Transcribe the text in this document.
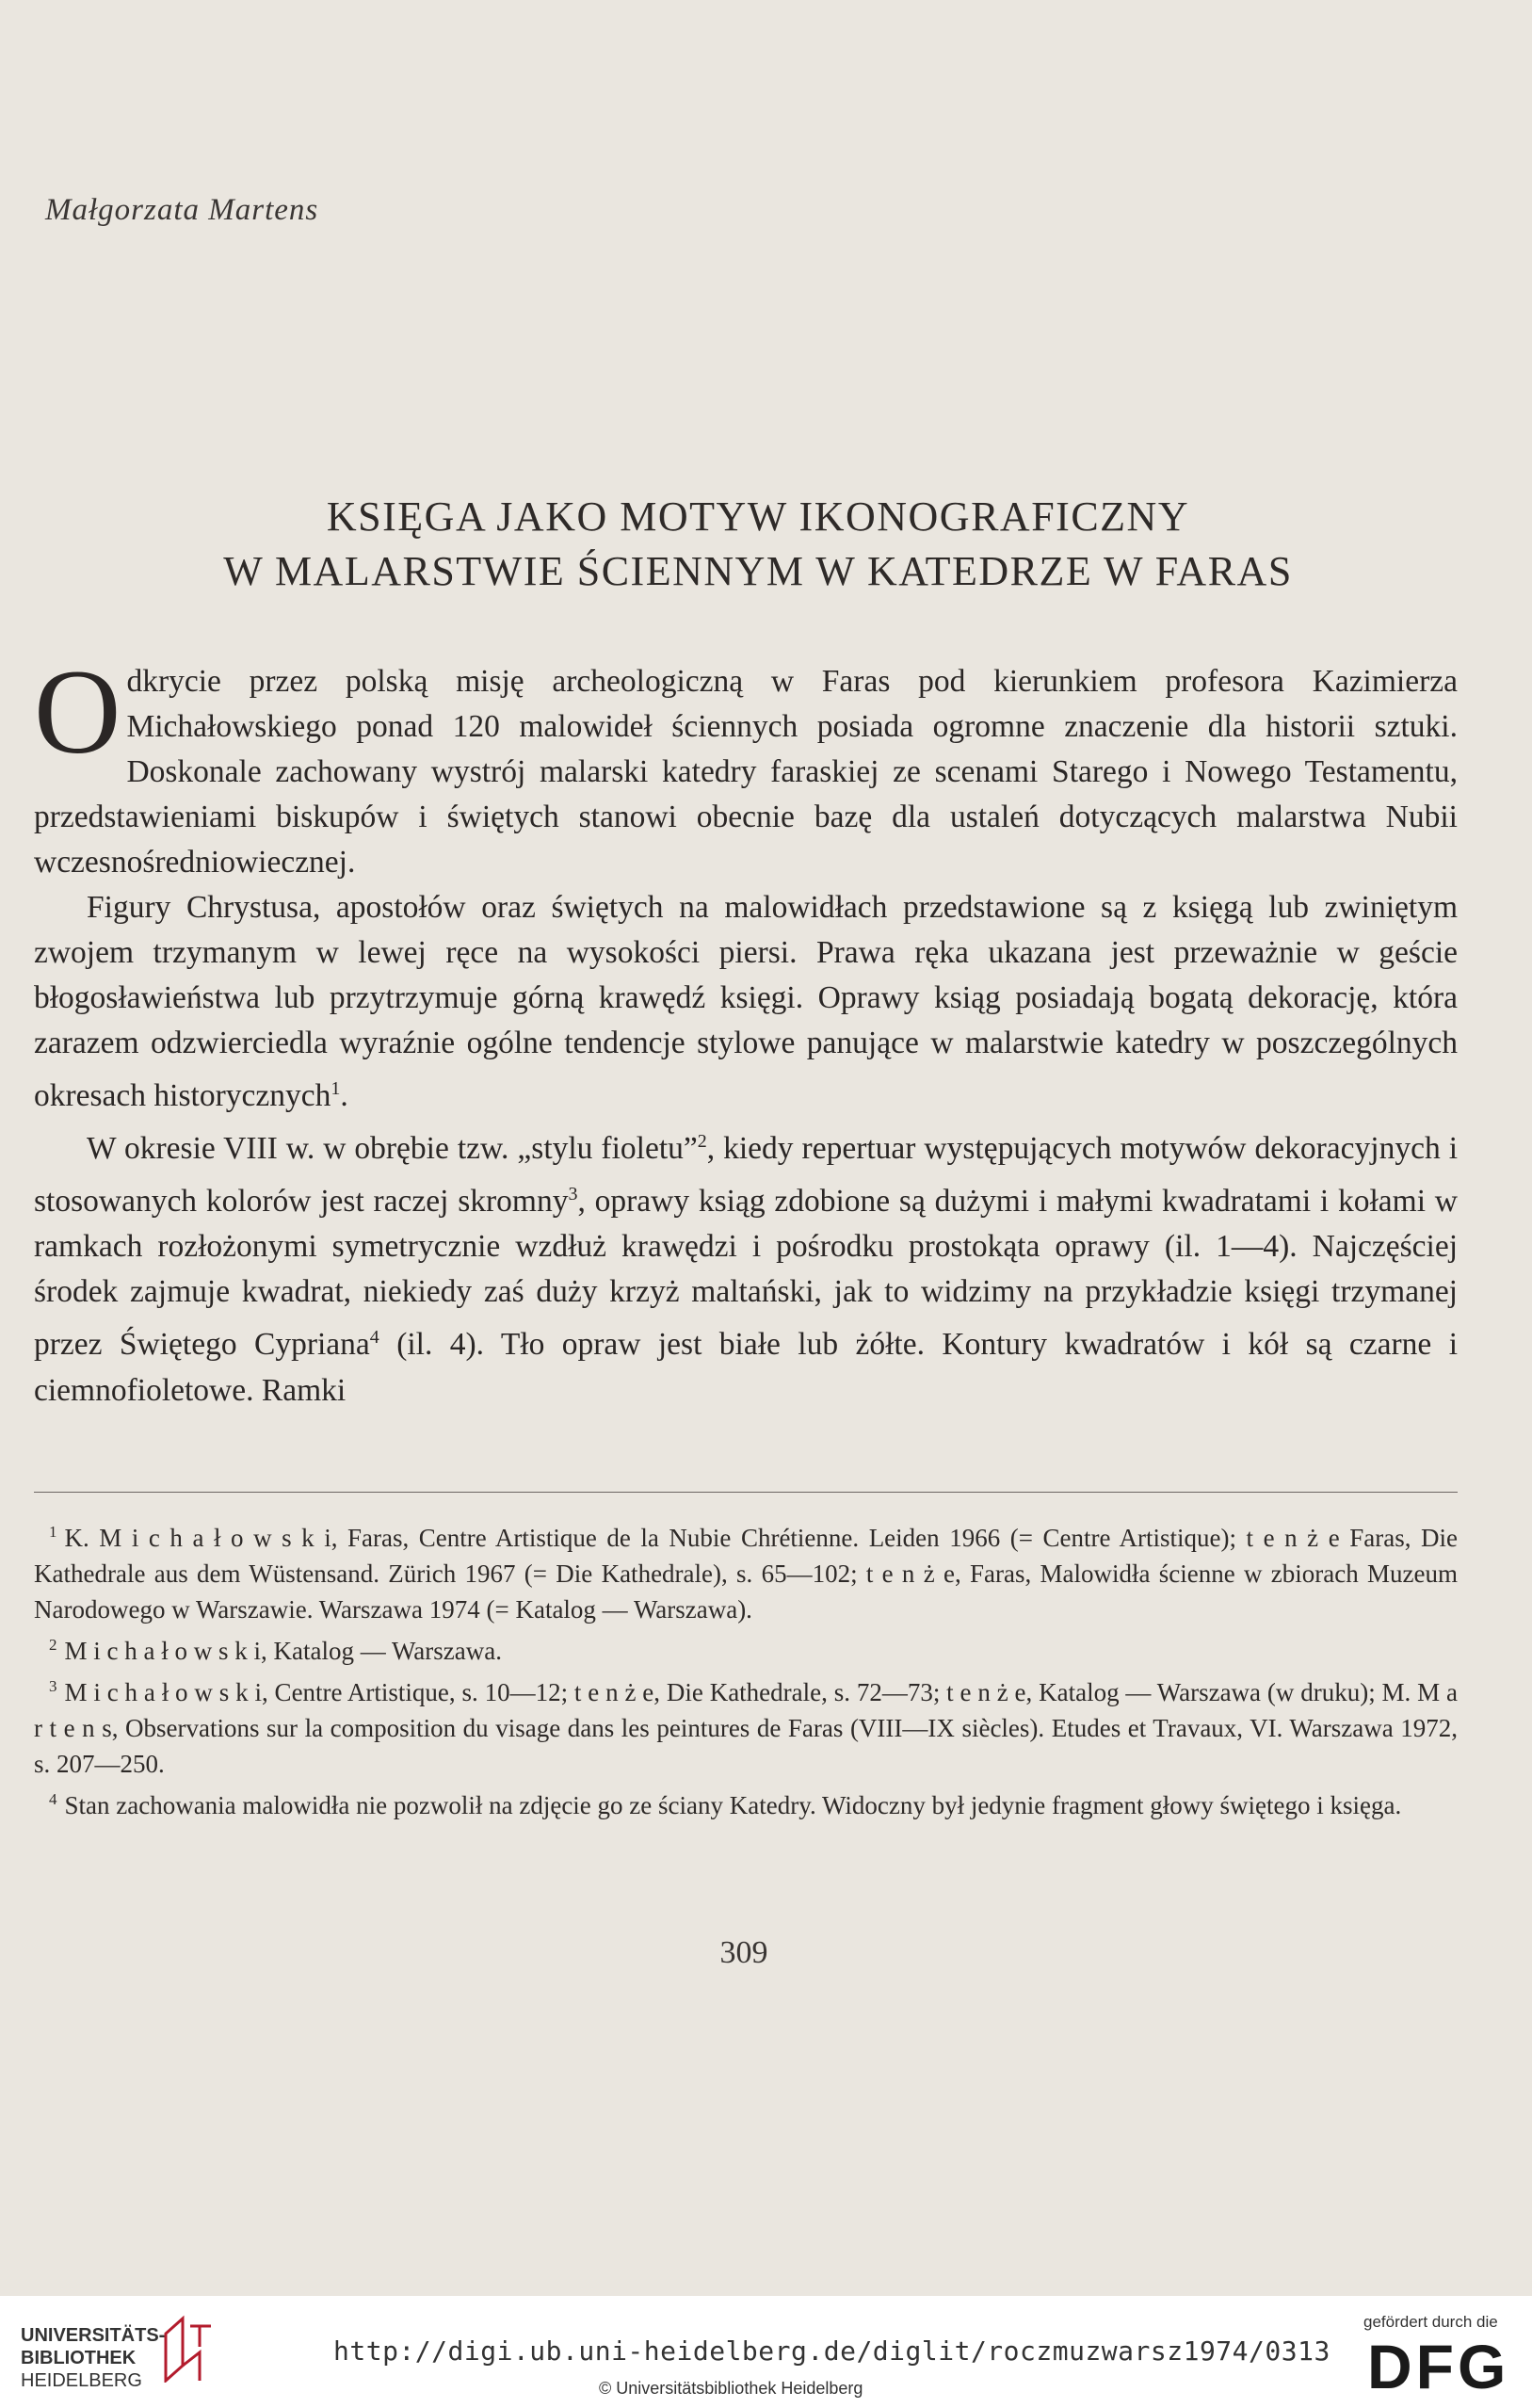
Małgorzata Martens
KSIĘGA JAKO MOTYW IKONOGRAFICZNY
W MALARSTWIE ŚCIENNYM W KATEDRZE W FARAS

Odkrycie przez polską misję archeologiczną w Faras pod kierunkiem profesora Kazimierza Michałowskiego ponad 120 malowideł ściennych posiada ogromne znaczenie dla historii sztuki. Doskonale zachowany wystrój malarski katedry faraskiej ze scenami Starego i Nowego Testamentu, przedstawieniami biskupów i świętych stanowi obecnie bazę dla ustaleń dotyczących malarstwa Nubii wczesnośredniowiecznej.

Figury Chrystusa, apostołów oraz świętych na malowidłach przedstawione są z księgą lub zwiniętym zwojem trzymanym w lewej ręce na wysokości piersi. Prawa ręka ukazana jest przeważnie w geście błogosławieństwa lub przytrzymuje górną krawędź księgi. Oprawy ksiąg posiadają bogatą dekorację, która zarazem odzwierciedla wyraźnie ogólne tendencje stylowe panujące w malarstwie katedry w poszczególnych okresach historycznych$^1$.

W okresie VIII w. w obrębie tzw. „stylu fioletu”$^2$, kiedy repertuar występujących motywów dekoracyjnych i stosowanych kolorów jest raczej skromny$^3$, oprawy ksiąg zdobione są dużymi i małymi kwadratami i kołami w ramkach rozłożonymi symetrycznie wzdłuż krawędzi i pośrodku prostokąta oprawy (il. 1—4). Najczęściej środek zajmuje kwadrat, niekiedy zaś duży krzyż maltański, jak to widzimy na przykładzie księgi trzymanej przez Świętego Cypriana$^4$ (il. 4). Tło opraw jest białe lub żółte. Kontury kwadratów i kół są czarne i ciemnofioletowe. Ramki

$^1$ K. M i c h a ł o w s k i, Faras, Centre Artistique de la Nubie Chrétienne. Leiden 1966 (= Centre Artistique); t e n ż e Faras, Die Kathedrale aus dem Wüstensand. Zürich 1967 (= Die Kathedrale), s. 65—102; t e n ż e, Faras, Malowidła ścienne w zbiorach Muzeum Narodowego w Warszawie. Warszawa 1974 (= Katalog — Warszawa).

$^2$ M i c h a ł o w s k i, Katalog — Warszawa.

$^3$ M i c h a ł o w s k i, Centre Artistique, s. 10—12; t e n ż e, Die Kathedrale, s. 72—73; t e n ż e, Katalog — Warszawa (w druku); M. M a r t e n s, Observations sur la composition du visage dans les peintures de Faras (VIII—IX siècles). Etudes et Travaux, VI. Warszawa 1972, s. 207—250.

$^4$ Stan zachowania malowidła nie pozwolił na zdjęcie go ze ściany Katedry. Widoczny był jedynie fragment głowy świętego i księga.

309
UNIVERSITÄTS-
BIBLIOTHEK
HEIDELBERG
http://digi.ub.uni-heidelberg.de/diglit/roczmuzwarsz1974/0313
© Universitätsbibliothek Heidelberg
gefördert durch die
DFG
